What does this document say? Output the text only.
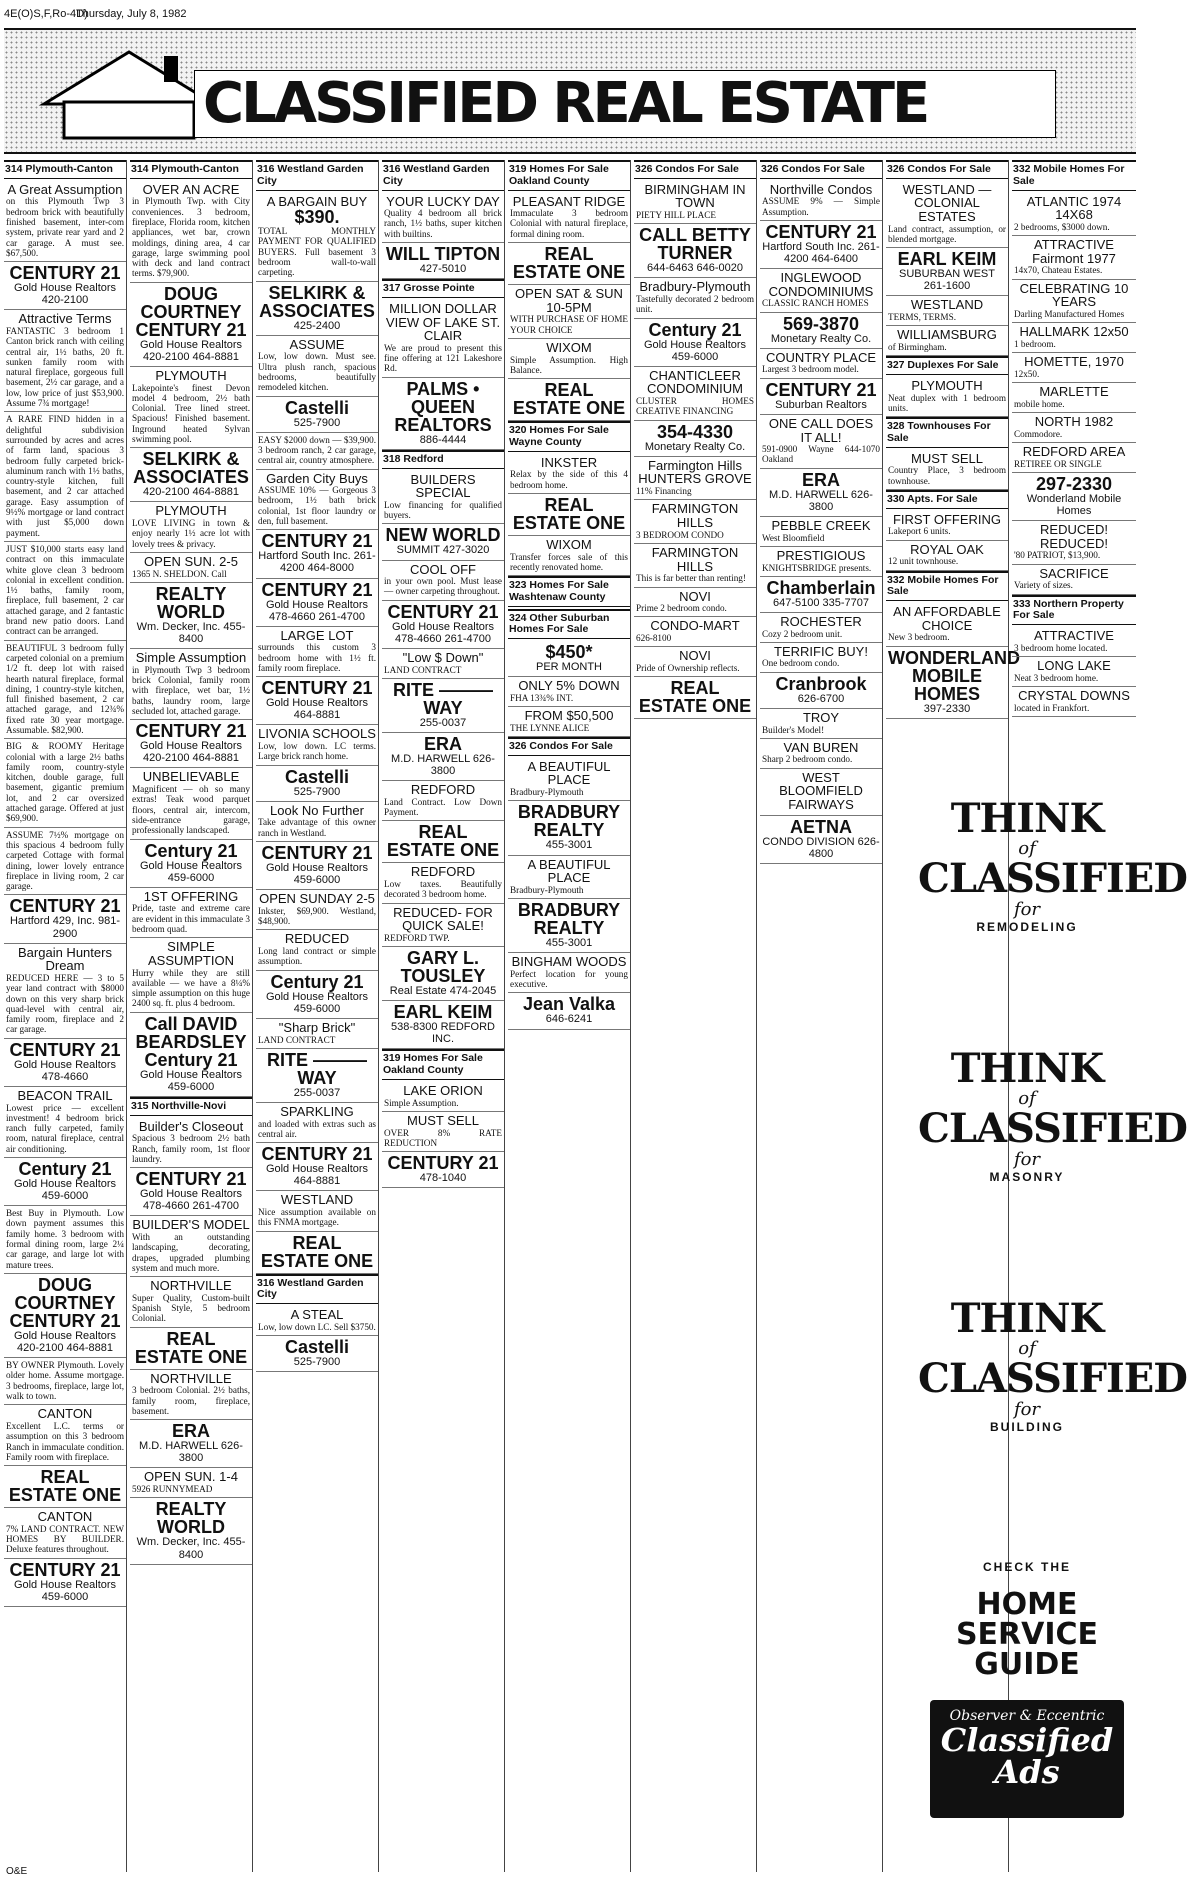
4E(O)S,F,Ro-4D)
Thursday, July 8, 1982
CLASSIFIED REAL ESTATE
314 Plymouth-Canton
A Great Assumption
on this Plymouth Twp 3 bedroom brick with beautifully finished basement, inter-com system, private rear yard and 2 car garage. A must see. $67,500.
CENTURY 21
Gold House Realtors 420-2100
Attractive Terms
FANTASTIC 3 bedroom 1 Canton brick ranch with ceiling central air, 1½ baths, 20 ft. sunken family room with natural fireplace, gorgeous full basement, 2½ car garage, and a low, low price of just $53,900. Assume 7¾ mortgage!
A RARE FIND hidden in a delightful subdivision surrounded by acres and acres of farm land, spacious 3 bedroom fully carpeted brick-aluminum ranch with 1½ baths, country-style kitchen, full basement, and 2 car attached garage. Easy assumption of 9½% mortgage or land contract with just $5,000 down payment.
JUST $10,000 starts easy land contract on this immaculate white glove clean 3 bedroom colonial in excellent condition. 1½ baths, family room, fireplace, full basement, 2 car attached garage, and 2 fantastic brand new patio doors. Land contract can be arranged.
BEAUTIFUL 3 bedroom fully carpeted colonial on a premium 1/2 ft. deep lot with raised hearth natural fireplace, formal dining, 1 country-style kitchen, full finished basement, 2 car attached garage, and 12¾% fixed rate 30 year mortgage. Assumable. $82,900.
BIG & ROOMY Heritage colonial with a large 2½ baths family room, country-style kitchen, double garage, full basement, gigantic premium lot, and 2 car oversized attached garage. Offered at just $69,900.
ASSUME 7½% mortgage on this spacious 4 bedroom fully carpeted Cottage with formal dining, lower lovely entrance fireplace in living room, 2 car garage.
CENTURY 21
Hartford 429, Inc. 981-2900
Bargain Hunters Dream
REDUCED HERE — 3 to 5 year land contract with $8000 down on this very sharp brick quad-level with central air, family room, fireplace and 2 car garage.
CENTURY 21
Gold House Realtors 478-4660
BEACON TRAIL
Lowest price — excellent investment! 4 bedroom brick ranch fully carpeted, family room, natural fireplace, central air conditioning.
Century 21
Gold House Realtors 459-6000
Best Buy in Plymouth. Low down payment assumes this family home. 3 bedroom with formal dining room, large 2¼ car garage, and large lot with mature trees.
DOUG COURTNEY CENTURY 21
Gold House Realtors 420-2100 464-8881
BY OWNER Plymouth. Lovely older home. Assume mortgage. 3 bedrooms, fireplace, large lot, walk to town.
CANTON
Excellent L.C. terms or assumption on this 3 bedroom Ranch in immaculate condition. Family room with fireplace.
REAL ESTATE ONE
CANTON
7% LAND CONTRACT. NEW HOMES BY BUILDER. Deluxe features throughout.
CENTURY 21
Gold House Realtors 459-6000
314 Plymouth-Canton
OVER AN ACRE
in Plymouth Twp. with City conveniences. 3 bedroom, fireplace, Florida room, kitchen appliances, wet bar, crown moldings, dining area, 4 car garage, large swimming pool with deck and land contract terms. $79,900.
DOUG COURTNEY CENTURY 21
Gold House Realtors 420-2100 464-8881
PLYMOUTH
Lakepointe's finest Devon model 4 bedroom, 2½ bath Colonial. Tree lined street. Spacious! Finished basement. Inground heated Sylvan swimming pool.
SELKIRK & ASSOCIATES
420-2100 464-8881
PLYMOUTH
LOVE LIVING in town & enjoy nearly 1½ acre lot with lovely trees & privacy.
OPEN SUN. 2-5
1365 N. SHELDON. Call
REALTY WORLD
Wm. Decker, Inc. 455-8400
Simple Assumption
in Plymouth Twp 3 bedroom brick Colonial, family room with fireplace, wet bar, 1½ baths, laundry room, large secluded lot, attached garage.
CENTURY 21
Gold House Realtors 420-2100 464-8881
UNBELIEVABLE
Magnificent — oh so many extras! Teak wood parquet floors, central air, intercom, side-entrance garage, professionally landscaped.
Century 21
Gold House Realtors 459-6000
1ST OFFERING
Pride, taste and extreme care are evident in this immaculate 3 bedroom quad.
SIMPLE ASSUMPTION
Hurry while they are still available — we have a 8¼% simple assumption on this huge 2400 sq. ft. plus 4 bedroom.
Call DAVID BEARDSLEY Century 21
Gold House Realtors 459-6000
315 Northville-Novi
Builder's Closeout
Spacious 3 bedroom 2½ bath Ranch, family room, 1st floor laundry.
CENTURY 21
Gold House Realtors 478-4660 261-4700
BUILDER'S MODEL
With an outstanding landscaping, decorating, drapes, upgraded plumbing system and much more.
NORTHVILLE
Super Quality, Custom-built Spanish Style, 5 bedroom Colonial.
REAL ESTATE ONE
NORTHVILLE
3 bedroom Colonial. 2½ baths, family room, fireplace, basement.
ERA
M.D. HARWELL 626-3800
OPEN SUN. 1-4
5926 RUNNYMEAD
REALTY WORLD
Wm. Decker, Inc. 455-8400
316 Westland Garden City
A BARGAIN BUY
$390.
TOTAL MONTHLY PAYMENT FOR QUALIFIED BUYERS. Full basement 3 bedroom wall-to-wall carpeting.
SELKIRK & ASSOCIATES
425-2400
ASSUME
Low, low down. Must see. Ultra plush ranch, spacious bedrooms, beautifully remodeled kitchen.
Castelli
525-7900
EASY $2000 down — $39,900. 3 bedroom ranch, 2 car garage, central air, country atmosphere.
Garden City Buys
ASSUME 10% — Gorgeous 3 bedroom, 1½ bath brick colonial, 1st floor laundry or den, full basement.
CENTURY 21
Hartford South Inc. 261-4200 464-8000
CENTURY 21
Gold House Realtors 478-4660 261-4700
LARGE LOT
surrounds this custom 3 bedroom home with 1½ ft. family room fireplace.
CENTURY 21
Gold House Realtors 464-8881
LIVONIA SCHOOLS
Low, low down. LC terms. Large brick ranch home.
Castelli
525-7900
Look No Further
Take advantage of this owner ranch in Westland.
CENTURY 21
Gold House Realtors 459-6000
OPEN SUNDAY 2-5
Inkster, $69,900. Westland, $48,900.
REDUCED
Long land contract or simple assumption.
Century 21
Gold House Realtors 459-6000
"Sharp Brick"
LAND CONTRACT
RITE ——— WAY
255-0037
SPARKLING
and loaded with extras such as central air.
CENTURY 21
Gold House Realtors 464-8881
WESTLAND
Nice assumption available on this FNMA mortgage.
REAL ESTATE ONE
316 Westland Garden City
A STEAL
Low, low down LC. Sell $3750.
Castelli
525-7900
316 Westland Garden City
YOUR LUCKY DAY
Quality 4 bedroom all brick ranch, 1½ baths, super kitchen with builtins.
WILL TIPTON
427-5010
317 Grosse Pointe
MILLION DOLLAR VIEW OF LAKE ST. CLAIR
We are proud to present this fine offering at 121 Lakeshore Rd.
PALMS • QUEEN REALTORS
886-4444
318 Redford
BUILDERS SPECIAL
Low financing for qualified buyers.
NEW WORLD
SUMMIT 427-3020
COOL OFF
in your own pool. Must lease — owner carpeting throughout.
CENTURY 21
Gold House Realtors 478-4660 261-4700
"Low $ Down"
LAND CONTRACT
RITE ——— WAY
255-0037
ERA
M.D. HARWELL 626-3800
REDFORD
Land Contract. Low Down Payment.
REAL ESTATE ONE
REDFORD
Low taxes. Beautifully decorated 3 bedroom home.
REDUCED- FOR QUICK SALE!
REDFORD TWP.
GARY L. TOUSLEY
Real Estate 474-2045
EARL KEIM
538-8300 REDFORD INC.
319 Homes For Sale Oakland County
LAKE ORION
Simple Assumption.
MUST SELL
OVER 8% RATE REDUCTION
CENTURY 21
478-1040
319 Homes For Sale Oakland County
PLEASANT RIDGE
Immaculate 3 bedroom Colonial with natural fireplace, formal dining room.
REAL ESTATE ONE
OPEN SAT & SUN 10-5PM
WITH PURCHASE OF HOME YOUR CHOICE
WIXOM
Simple Assumption. High Balance.
REAL ESTATE ONE
320 Homes For Sale Wayne County
INKSTER
Relax by the side of this 4 bedroom home.
REAL ESTATE ONE
WIXOM
Transfer forces sale of this recently renovated home.
323 Homes For Sale Washtenaw County
324 Other Suburban Homes For Sale
$450*
PER MONTH
ONLY 5% DOWN
FHA 13¾% INT.
FROM $50,500
THE LYNNE ALICE
326 Condos For Sale
A BEAUTIFUL PLACE
Bradbury-Plymouth
BRADBURY REALTY
455-3001
A BEAUTIFUL PLACE
Bradbury-Plymouth
BRADBURY REALTY
455-3001
BINGHAM WOODS
Perfect location for young executive.
Jean Valka
646-6241
326 Condos For Sale
BIRMINGHAM IN TOWN
PIETY HILL PLACE
CALL BETTY TURNER
644-6463 646-0020
Bradbury-Plymouth
Tastefully decorated 2 bedroom unit.
Century 21
Gold House Realtors 459-6000
CHANTICLEER CONDOMINIUM
CLUSTER HOMES CREATIVE FINANCING
354-4330
Monetary Realty Co.
Farmington Hills HUNTERS GROVE
11% Financing
FARMINGTON HILLS
3 BEDROOM CONDO
FARMINGTON HILLS
This is far better than renting!
NOVI
Prime 2 bedroom condo.
CONDO-MART
626-8100
NOVI
Pride of Ownership reflects.
REAL ESTATE ONE
326 Condos For Sale
Northville Condos
ASSUME 9% — Simple Assumption.
CENTURY 21
Hartford South Inc. 261-4200 464-6400
INGLEWOOD CONDOMINIUMS
CLASSIC RANCH HOMES
569-3870
Monetary Realty Co.
COUNTRY PLACE
Largest 3 bedroom model.
CENTURY 21
Suburban Realtors
ONE CALL DOES IT ALL!
591-0900 Wayne 644-1070 Oakland
ERA
M.D. HARWELL 626-3800
PEBBLE CREEK
West Bloomfield
PRESTIGIOUS
KNIGHTSBRIDGE presents.
Chamberlain
647-5100 335-7707
ROCHESTER
Cozy 2 bedroom unit.
TERRIFIC BUY!
One bedroom condo.
Cranbrook
626-6700
TROY
Builder's Model!
VAN BUREN
Sharp 2 bedroom condo.
WEST BLOOMFIELD FAIRWAYS
AETNA
CONDO DIVISION 626-4800
326 Condos For Sale
WESTLAND — COLONIAL ESTATES
Land contract, assumption, or blended mortgage.
EARL KEIM
SUBURBAN WEST 261-1600
WESTLAND
TERMS, TERMS.
WILLIAMSBURG
of Birmingham.
327 Duplexes For Sale
PLYMOUTH
Neat duplex with 1 bedroom units.
328 Townhouses For Sale
MUST SELL
Country Place, 3 bedroom townhouse.
330 Apts. For Sale
FIRST OFFERING
Lakeport 6 units.
ROYAL OAK
12 unit townhouse.
332 Mobile Homes For Sale
AN AFFORDABLE CHOICE
New 3 bedroom.
WONDERLAND MOBILE HOMES
397-2330
332 Mobile Homes For Sale
ATLANTIC 1974 14X68
2 bedrooms, $3000 down.
ATTRACTIVE Fairmont 1977
14x70, Chateau Estates.
CELEBRATING 10 YEARS
Darling Manufactured Homes
HALLMARK 12x50
1 bedroom.
HOMETTE, 1970
12x50.
MARLETTE
mobile home.
NORTH 1982
Commodore.
REDFORD AREA
RETIREE OR SINGLE
297-2330
Wonderland Mobile Homes
REDUCED! REDUCED!
'80 PATRIOT, $13,900.
SACRIFICE
Variety of sizes.
333 Northern Property For Sale
ATTRACTIVE
3 bedroom home located.
LONG LAKE
Neat 3 bedroom home.
CRYSTAL DOWNS
located in Frankfort.
THINK
of
CLASSIFIED
for
REMODELING
THINK
of
CLASSIFIED
for
MASONRY
THINK
of
CLASSIFIED
for
BUILDING
CHECK THE
HOME
SERVICE
GUIDE
Observer & Eccentric
Classified
Ads
O&E
